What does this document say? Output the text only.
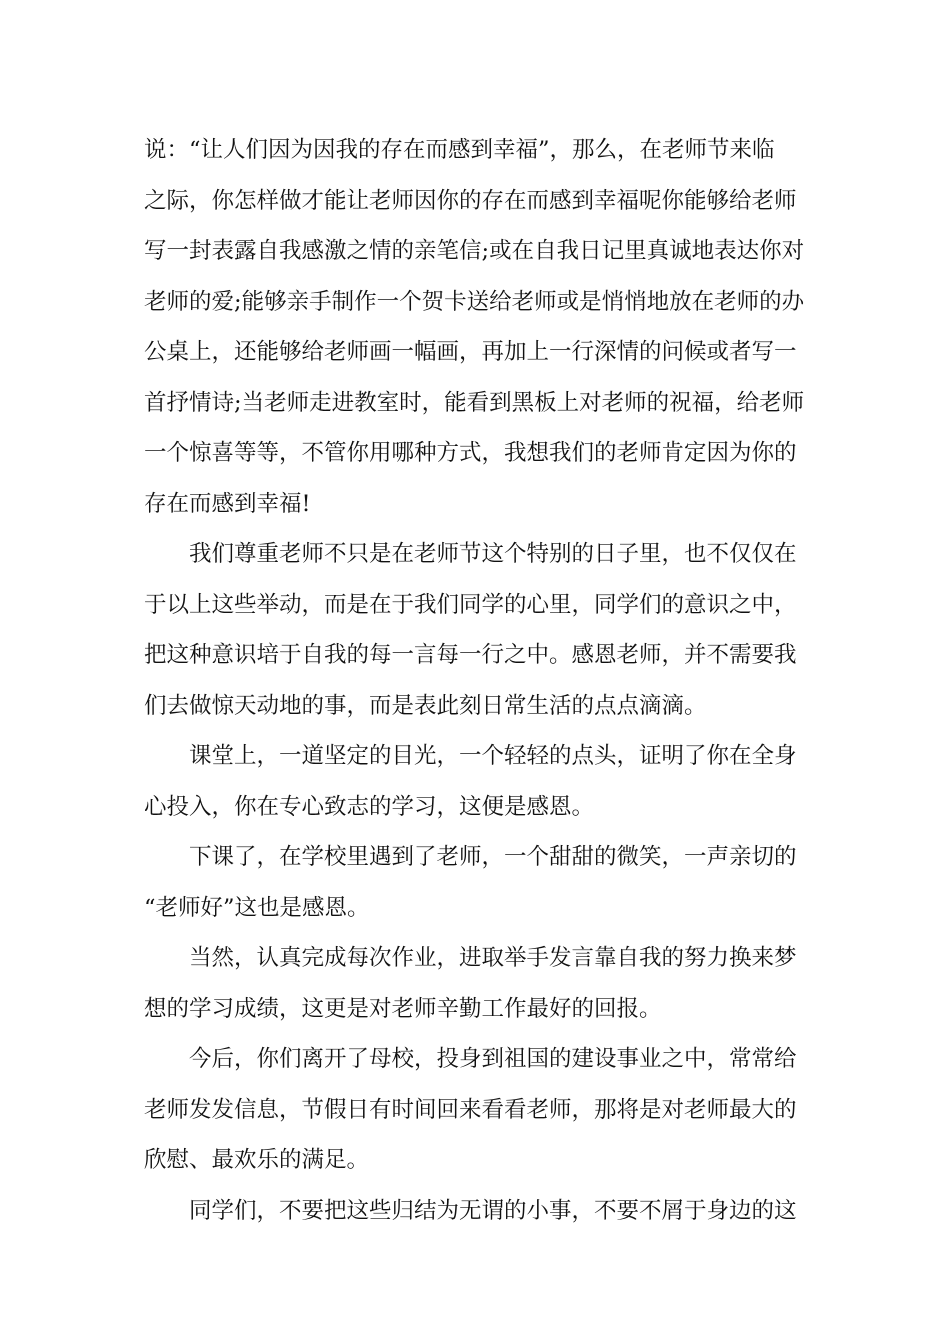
说：“让人们因为因我的存在而感到幸福”，那么，在老师节来临
之际，你怎样做才能让老师因你的存在而感到幸福呢你能够给老师
写一封表露自我感激之情的亲笔信;或在自我日记里真诚地表达你对
老师的爱;能够亲手制作一个贺卡送给老师或是悄悄地放在老师的办
公桌上，还能够给老师画一幅画，再加上一行深情的问候或者写一
首抒情诗;当老师走进教室时，能看到黑板上对老师的祝福，给老师
一个惊喜等等，不管你用哪种方式，我想我们的老师肯定因为你的
存在而感到幸福!
我们尊重老师不只是在老师节这个特别的日子里，也不仅仅在
于以上这些举动，而是在于我们同学的心里，同学们的意识之中，
把这种意识培于自我的每一言每一行之中。感恩老师，并不需要我
们去做惊天动地的事，而是表此刻日常生活的点点滴滴。
课堂上，一道坚定的目光，一个轻轻的点头，证明了你在全身
心投入，你在专心致志的学习，这便是感恩。
下课了，在学校里遇到了老师，一个甜甜的微笑，一声亲切的
“老师好”这也是感恩。
当然，认真完成每次作业，进取举手发言靠自我的努力换来梦
想的学习成绩，这更是对老师辛勤工作最好的回报。
今后，你们离开了母校，投身到祖国的建设事业之中，常常给
老师发发信息，节假日有时间回来看看老师，那将是对老师最大的
欣慰、最欢乐的满足。
同学们，不要把这些归结为无谓的小事，不要不屑于身边的这
